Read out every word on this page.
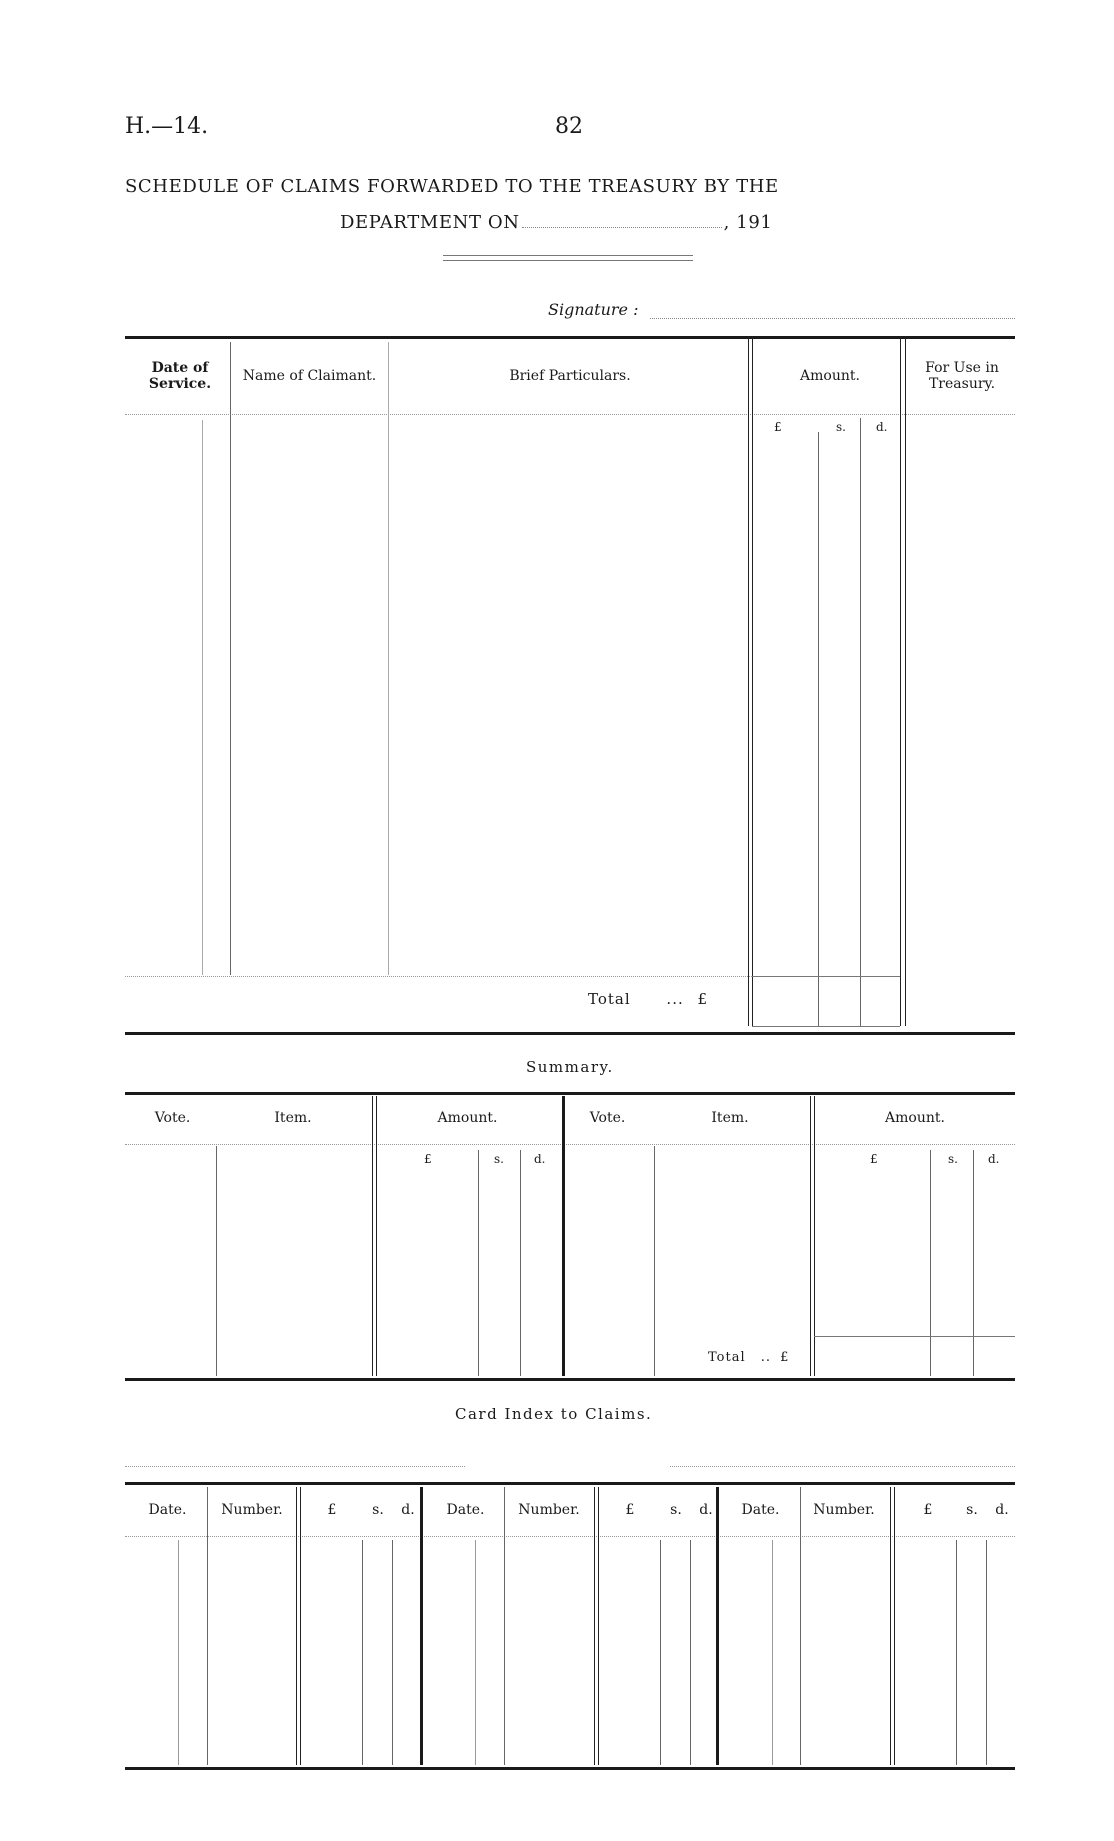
H.—14.	82
SCHEDULE OF CLAIMS FORWARDED TO THE TREASURY BY THE
DEPARTMENT ON	, 191
Signature :
Date of Service.	Name of Claimant.	Brief Particulars.	Amount.	For Use in Treasury.
£	s.	d.
Total ... £
Summary.
Vote.	Item.	Amount.	Vote.	Item.	Amount.
£	s.	d.	£	s.	d.
Total .. £
Card Index to Claims.
Date.	Number.	£	s. d.	Date.	Number.	£	s. d.	Date.	Number.	£	s. d.
